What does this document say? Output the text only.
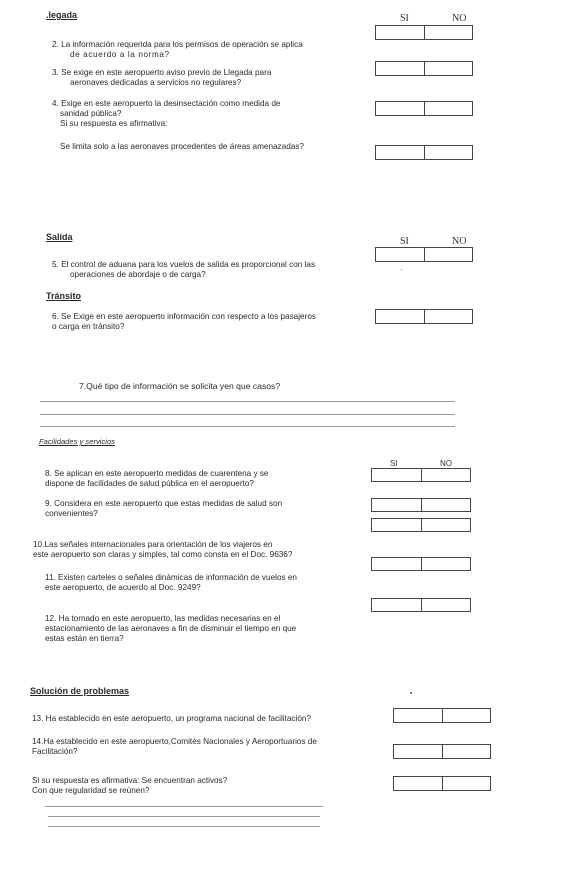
.legada	SI	NO
2. La información requerida para los permisos de operación se aplica
de acuerdo a la norma?
3. Se exige en este aeropuerto aviso previo de Llegada para
aeronaves dedicadas a servicios no regulares?
4. Exige en este aeropuerto la desinsectación como medida de
sanidad pública?
Si su respuesta es afirmativa:
Se limita solo a las aeronaves procedentes de áreas amenazadas?
Salida	SI	NO
5. El control de aduana para los vuelos de salida es proporcional con las
operaciones de abordaje o de carga?
Tránsito
6. Se Exige en este aeropuerto información con respecto a los pasajeros
o carga en tránsito?
7.Qué tipo de información se solicita yen que casos?
Facilidades y servicios
SI	NO
8. Se aplican en este aeropuerto medidas de cuarentena y se
dispone de facilidades de salud pública en el aeropuerto?
9. Considera en este aeropuerto que estas medidas de salud son
convenientes?
10.Las señales internacionales para orientación de los viajeros en
este aeropuerto son claras y simples, tal como consta en el Doc. 9636?
11. Existen carteles o señales dinámicas de información de vuelos en
este aeropuerto, de acuerdo al Doc. 9249?
12. Ha tornado en este aeropuerto, las medidas necesarias en el
estacionamiento de las aeronaves a fin de disminuir el tiempo en que
estas están en tierra?
Solución de problemas
13. Ha establecido en este aeropuerto, un programa nacional de facilitación?
14.Ha establecido en este aeropuerto,Comités Nacionales y Aeroportuarios de
Facilitación?
Si su respuesta es afirmativa: Se encuentran activos?
Con que regularidad se reúnen?
